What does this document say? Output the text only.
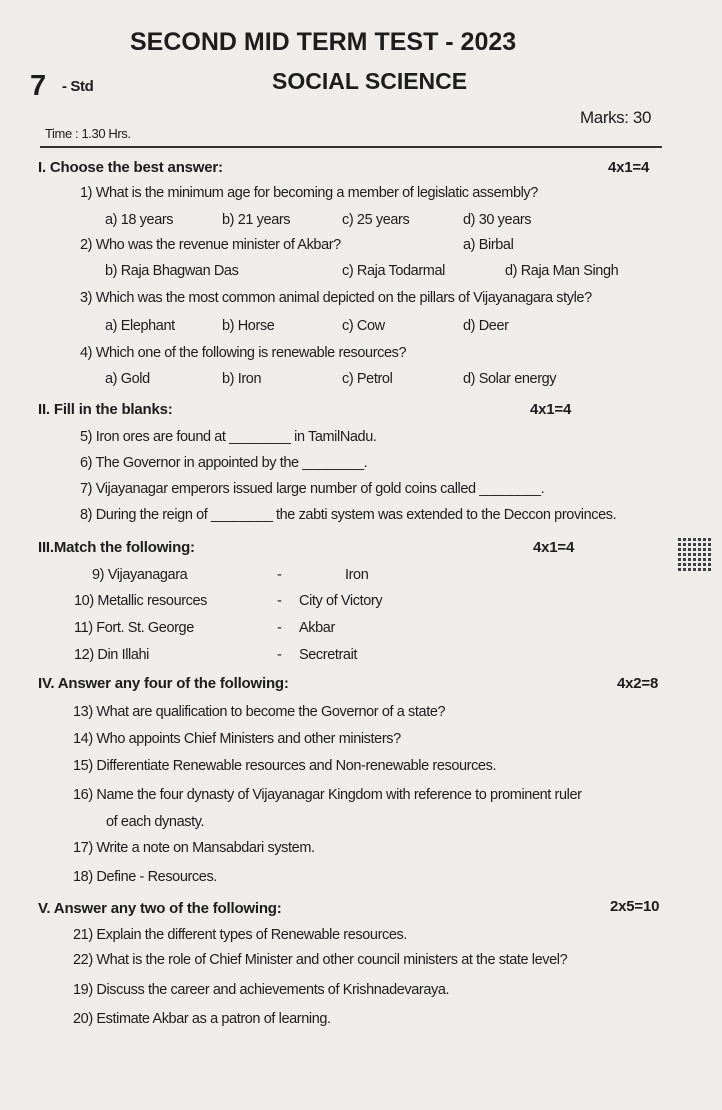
SECOND MID TERM TEST - 2023
7 - Std	SOCIAL SCIENCE
Marks: 30
Time : 1.30 Hrs.
I. Choose the best answer:	4x1=4
1) What is the minimum age for becoming a member of legislatic assembly?
a) 18 years	b) 21 years	c) 25 years	d) 30 years
2) Who was the revenue minister of Akbar?	a) Birbal
b) Raja Bhagwan Das	c) Raja Todarmal	d) Raja Man Singh
3) Which was the most common animal depicted on the pillars of Vijayanagara style?
a) Elephant	b) Horse	c) Cow	d) Deer
4) Which one of the following is renewable resources?
a) Gold	b) Iron	c) Petrol	d) Solar energy
II. Fill in the blanks:	4x1=4
5) Iron ores are found at ________ in TamilNadu.
6) The Governor in appointed by the ________.
7) Vijayanagar emperors issued large number of gold coins called ________.
8) During the reign of ________ the zabti system was extended to the Deccon provinces.
III.Match the following:	4x1=4
9) Vijayanagara	-	Iron
10) Metallic resources	- City of Victory
11) Fort. St. George	- Akbar
12) Din Illahi	- Secretrait
IV. Answer any four of the following:	4x2=8
13) What are qualification to become the Governor of a state?
14) Who appoints Chief Ministers and other ministers?
15) Differentiate Renewable resources and Non-renewable resources.
16) Name the four dynasty of Vijayanagar Kingdom with reference to prominent ruler
of each dynasty.
17) Write a note on Mansabdari system.
18) Define - Resources.
V. Answer any two of the following:	2x5=10
21) Explain the different types of Renewable resources.
22) What is the role of Chief Minister and other council ministers at the state level?
19) Discuss the career and achievements of Krishnadevaraya.
20) Estimate Akbar as a patron of learning.
